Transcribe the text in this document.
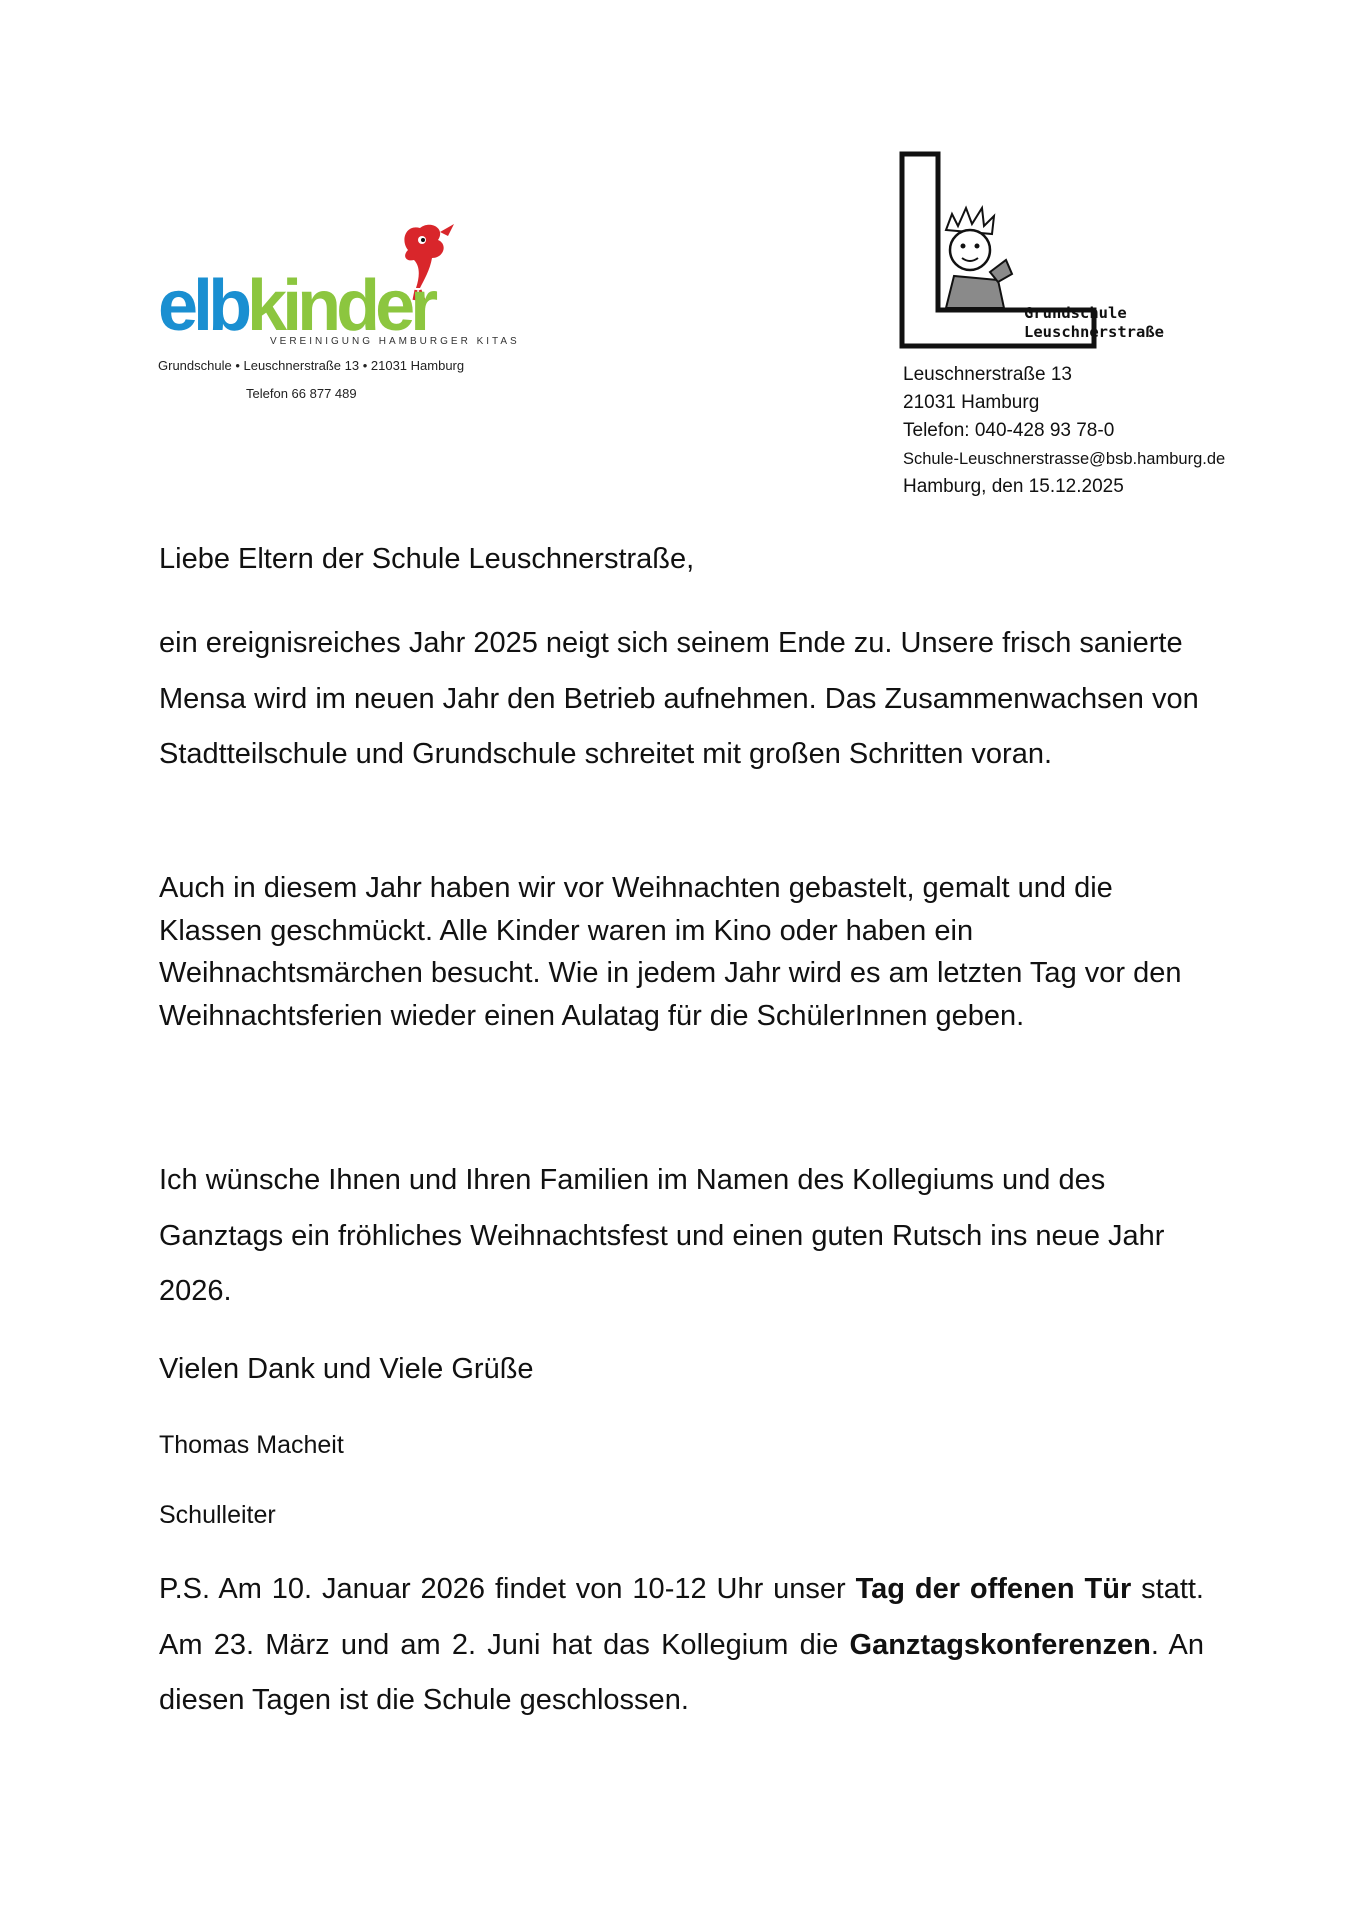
elbkinder
VEREINIGUNG HAMBURGER KITAS
Grundschule • Leuschnerstraße 13 • 21031 Hamburg
Telefon 66 877 489
Grundschule
Leuschnerstraße
Leuschnerstraße 13
21031 Hamburg
Telefon: 040-428 93 78-0
Schule-Leuschnerstrasse@bsb.hamburg.de
Hamburg, den 15.12.2025
Liebe Eltern der Schule Leuschnerstraße,
ein ereignisreiches Jahr 2025 neigt sich seinem Ende zu. Unsere frisch sanierte Mensa wird im neuen Jahr den Betrieb aufnehmen. Das Zusammenwachsen von Stadtteilschule und Grundschule schreitet mit großen Schritten voran.
Auch in diesem Jahr haben wir vor Weihnachten gebastelt, gemalt und die Klassen geschmückt. Alle Kinder waren im Kino oder haben ein Weihnachtsmärchen besucht. Wie in jedem Jahr wird es am letzten Tag vor den Weihnachtsferien wieder einen Aulatag für die SchülerInnen geben.
Ich wünsche Ihnen und Ihren Familien im Namen des Kollegiums und des Ganztags ein fröhliches Weihnachtsfest und einen guten Rutsch ins neue Jahr 2026.
Vielen Dank und Viele Grüße
Thomas Macheit
Schulleiter
P.S. Am 10. Januar 2026 findet von 10-12 Uhr unser Tag der offenen Tür statt. Am 23. März und am 2. Juni hat das Kollegium die Ganztagskonferenzen. An diesen Tagen ist die Schule geschlossen.
